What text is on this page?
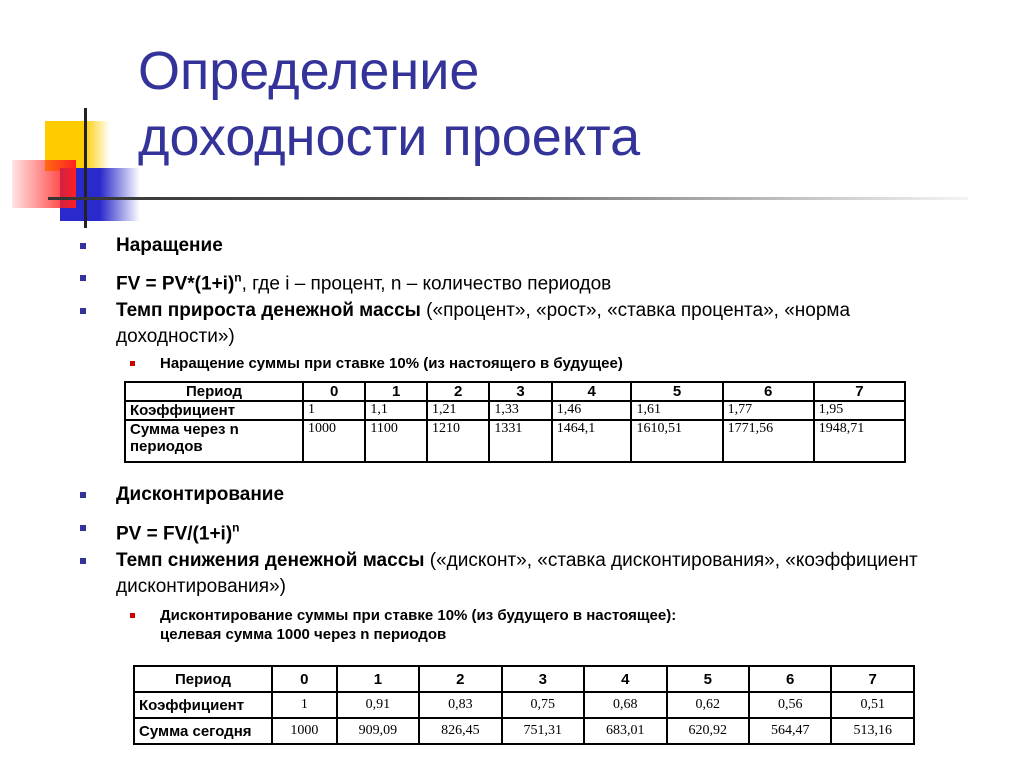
Определение
доходности проекта
Наращение
FV = $PV*(1+i)^n$, где i – процент, n – количество периодов
Темп прироста денежной массы («процент», «рост», «ставка процента», «норма доходности»)
Наращение суммы при ставке 10% (из настоящего в будущее)
Период	0	1	2	3	4	5	6	7
Коэффициент	1	1,1	1,21	1,33	1,46	1,61	1,77	1,95
Сумма через n периодов	1000	1100	1210	1331	1464,1	1610,51	1771,56	1948,71
Дисконтирование
PV = $FV/(1+i)^n$
Темп снижения денежной массы («дисконт», «ставка дисконтирования», «коэффициент дисконтирования»)
Дисконтирование суммы при ставке 10% (из будущего в настоящее):
целевая сумма 1000 через n периодов
Период	0	1	2	3	4	5	6	7
Коэффициент	1	0,91	0,83	0,75	0,68	0,62	0,56	0,51
Сумма сегодня	1000	909,09	826,45	751,31	683,01	620,92	564,47	513,16
